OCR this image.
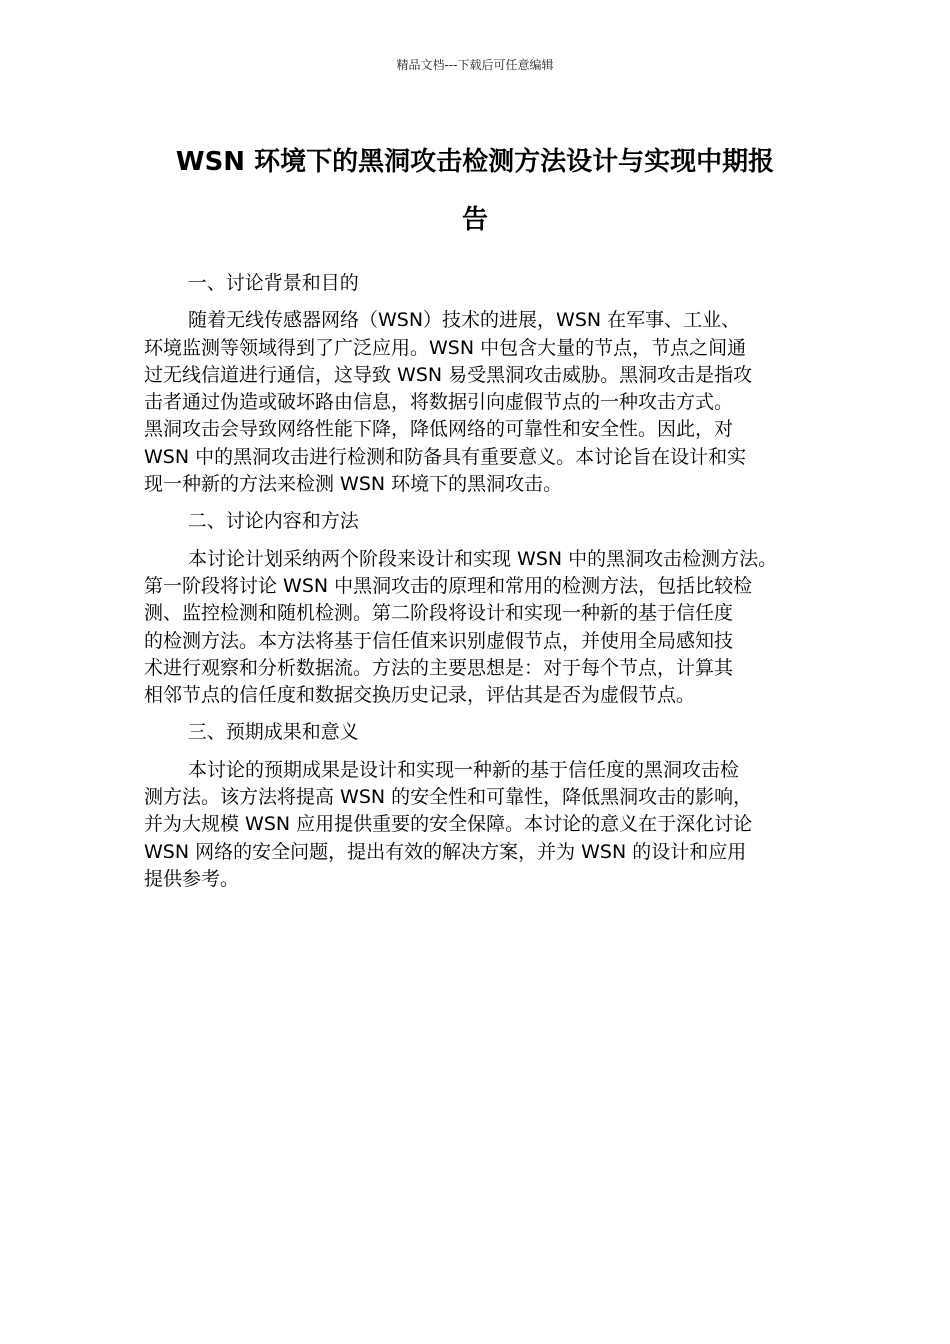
精品文档---下载后可任意编辑
WSN 环境下的黑洞攻击检测方法设计与实现中期报
告
一、讨论背景和目的
随着无线传感器网络（WSN）技术的进展，WSN 在军事、工业、
环境监测等领域得到了广泛应用。WSN 中包含大量的节点，节点之间通
过无线信道进行通信，这导致 WSN 易受黑洞攻击威胁。黑洞攻击是指攻
击者通过伪造或破坏路由信息，将数据引向虚假节点的一种攻击方式。
黑洞攻击会导致网络性能下降，降低网络的可靠性和安全性。因此，对
WSN 中的黑洞攻击进行检测和防备具有重要意义。本讨论旨在设计和实
现一种新的方法来检测 WSN 环境下的黑洞攻击。
二、讨论内容和方法
本讨论计划采纳两个阶段来设计和实现 WSN 中的黑洞攻击检测方法。
第一阶段将讨论 WSN 中黑洞攻击的原理和常用的检测方法，包括比较检
测、监控检测和随机检测。第二阶段将设计和实现一种新的基于信任度
的检测方法。本方法将基于信任值来识别虚假节点，并使用全局感知技
术进行观察和分析数据流。方法的主要思想是：对于每个节点，计算其
相邻节点的信任度和数据交换历史记录，评估其是否为虚假节点。
三、预期成果和意义
本讨论的预期成果是设计和实现一种新的基于信任度的黑洞攻击检
测方法。该方法将提高 WSN 的安全性和可靠性，降低黑洞攻击的影响，
并为大规模 WSN 应用提供重要的安全保障。本讨论的意义在于深化讨论
WSN 网络的安全问题，提出有效的解决方案，并为 WSN 的设计和应用
提供参考。
